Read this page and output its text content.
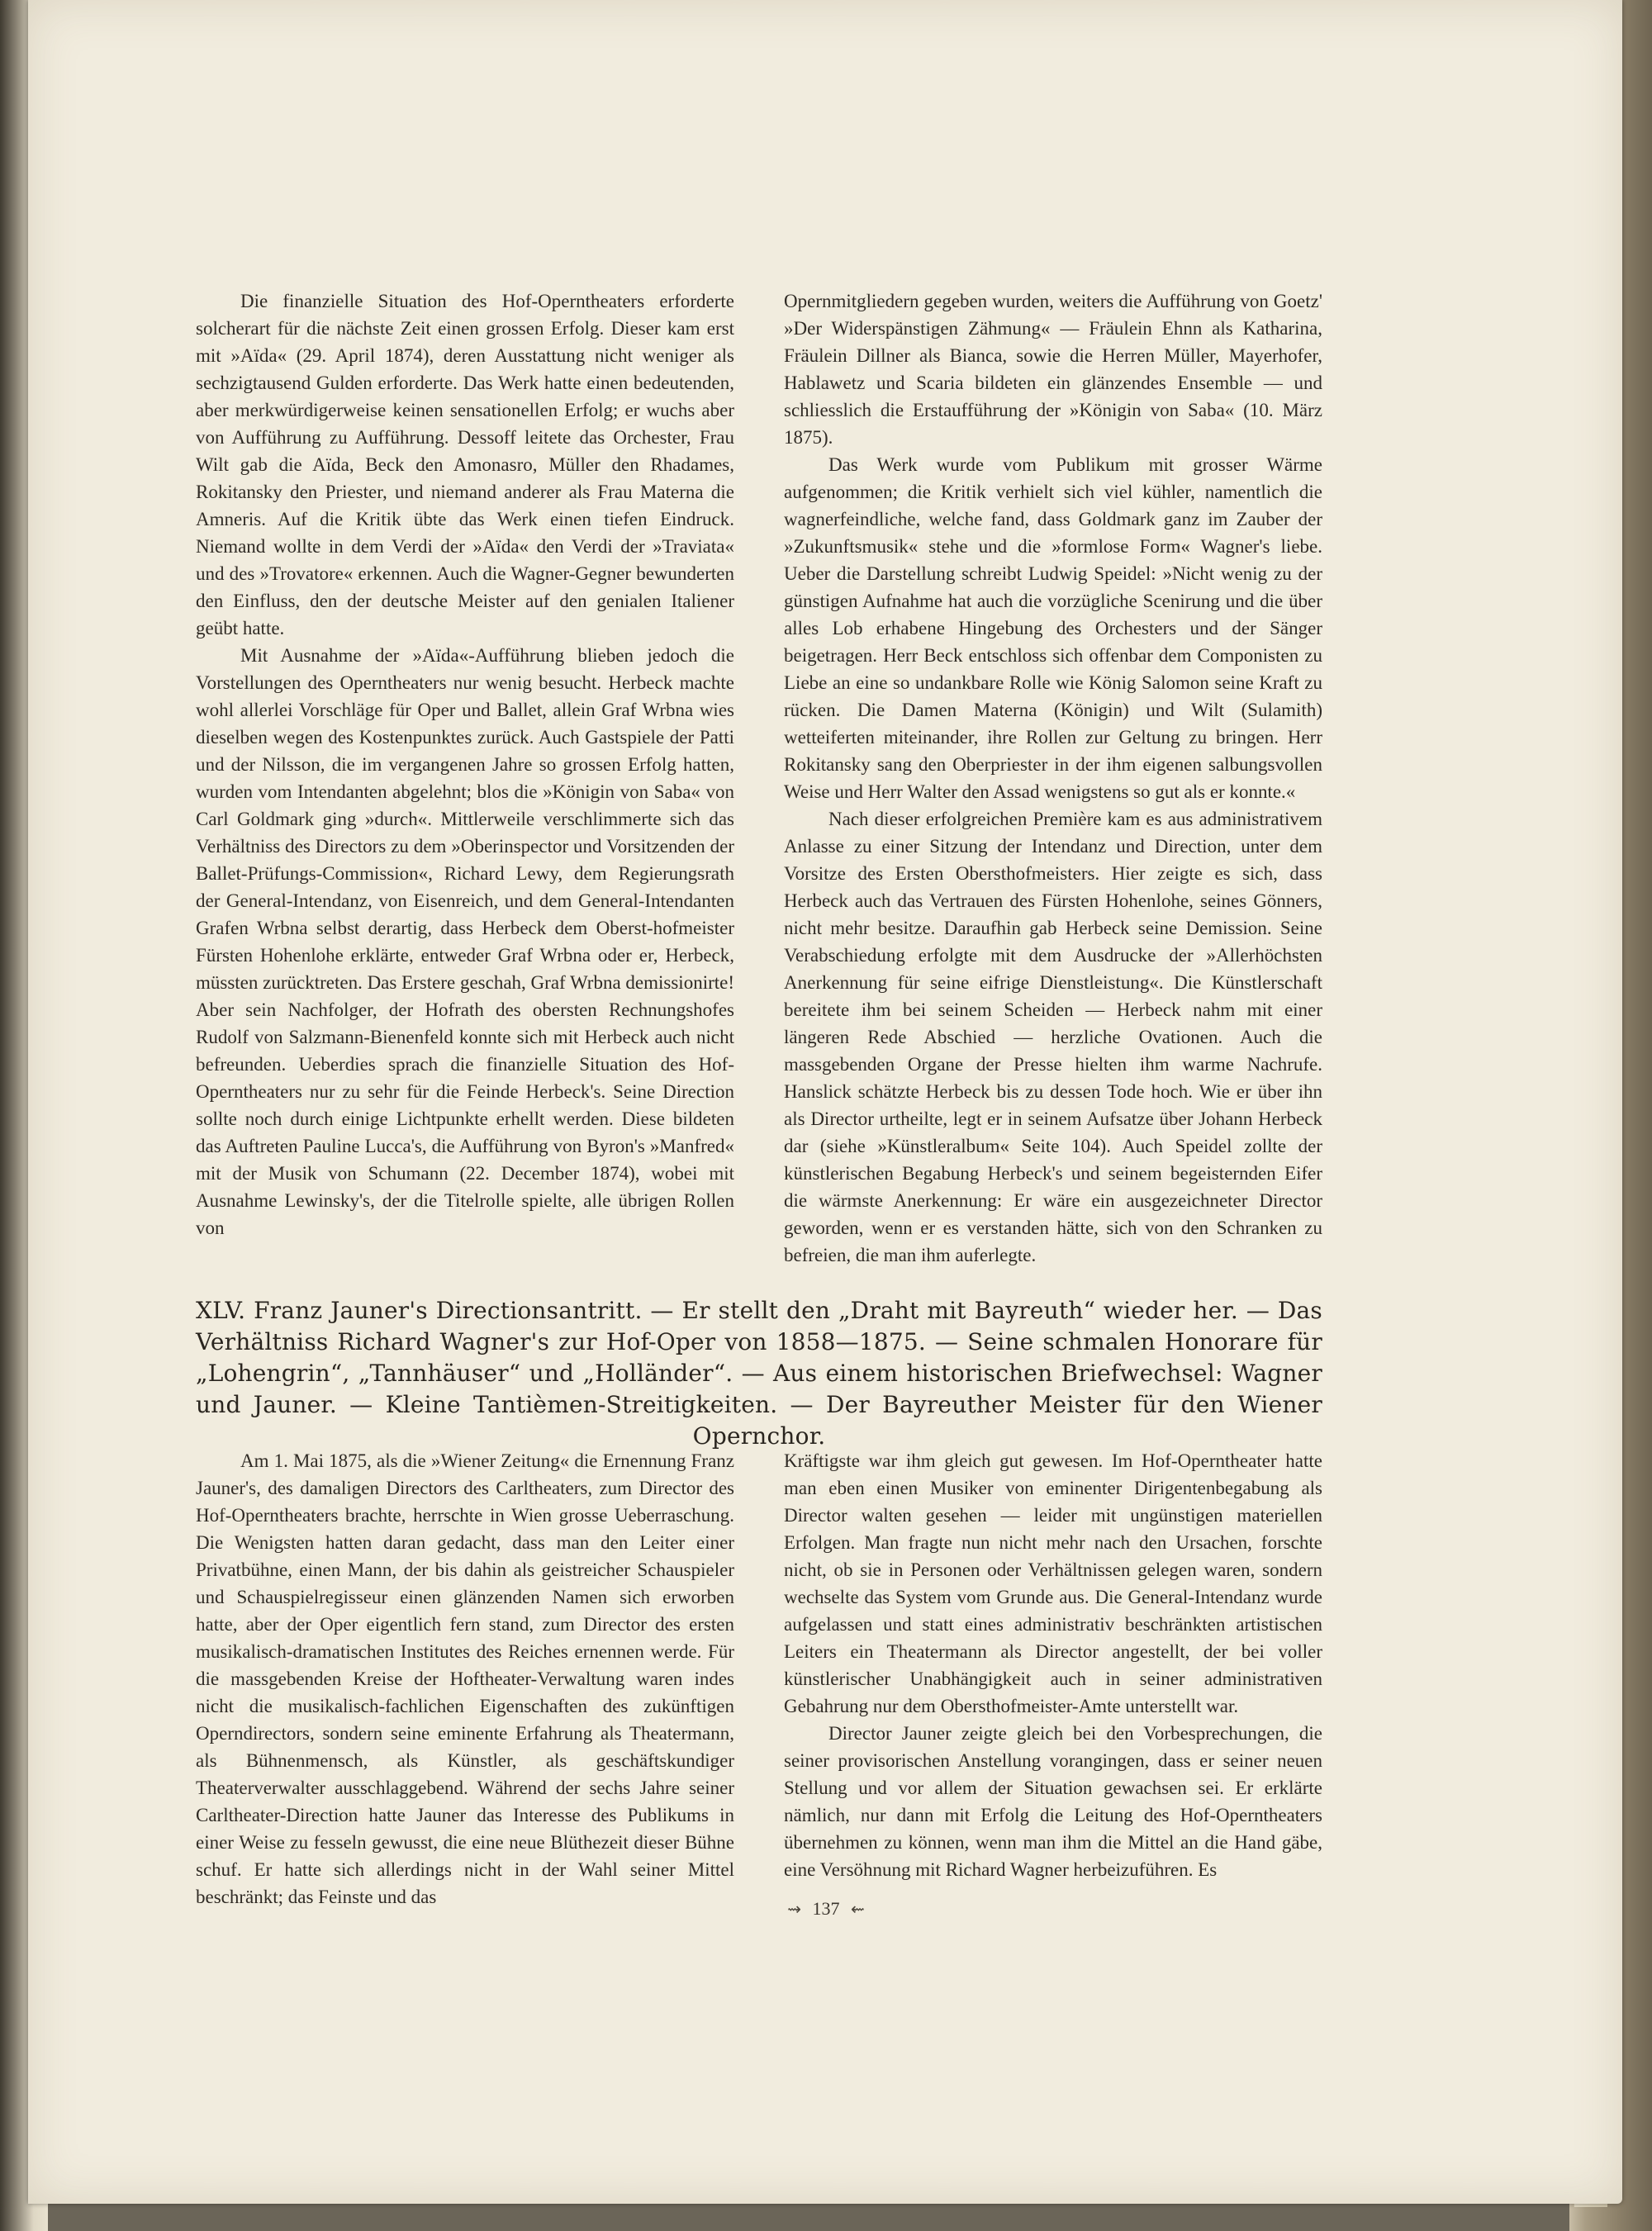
Die finanzielle Situation des Hof-Operntheaters erforderte solcherart für die nächste Zeit einen grossen Erfolg. Dieser kam erst mit »Aïda« (29. April 1874), deren Ausstattung nicht weniger als sechzigtausend Gulden erforderte. Das Werk hatte einen bedeutenden, aber merkwürdigerweise keinen sensationellen Erfolg; er wuchs aber von Aufführung zu Aufführung. Dessoff leitete das Orchester, Frau Wilt gab die Aïda, Beck den Amonasro, Müller den Rhadames, Rokitansky den Priester, und niemand anderer als Frau Materna die Amneris. Auf die Kritik übte das Werk einen tiefen Eindruck. Niemand wollte in dem Verdi der »Aïda« den Verdi der »Traviata« und des »Trovatore« erkennen. Auch die Wagner-Gegner bewunderten den Einfluss, den der deutsche Meister auf den genialen Italiener geübt hatte.

Mit Ausnahme der »Aïda«-Aufführung blieben jedoch die Vorstellungen des Operntheaters nur wenig besucht. Herbeck machte wohl allerlei Vorschläge für Oper und Ballet, allein Graf Wrbna wies dieselben wegen des Kostenpunktes zurück. Auch Gastspiele der Patti und der Nilsson, die im vergangenen Jahre so grossen Erfolg hatten, wurden vom Intendanten abgelehnt; blos die »Königin von Saba« von Carl Goldmark ging »durch«. Mittlerweile verschlimmerte sich das Verhältniss des Directors zu dem »Oberinspector und Vorsitzenden der Ballet-Prüfungs-Commission«, Richard Lewy, dem Regierungsrath der General-Intendanz, von Eisenreich, und dem General-Intendanten Grafen Wrbna selbst derartig, dass Herbeck dem Oberst-hofmeister Fürsten Hohenlohe erklärte, entweder Graf Wrbna oder er, Herbeck, müssten zurücktreten. Das Erstere geschah, Graf Wrbna demissionirte! Aber sein Nachfolger, der Hofrath des obersten Rechnungshofes Rudolf von Salzmann-Bienenfeld konnte sich mit Herbeck auch nicht befreunden. Ueberdies sprach die finanzielle Situation des Hof-Operntheaters nur zu sehr für die Feinde Herbeck's. Seine Direction sollte noch durch einige Lichtpunkte erhellt werden. Diese bildeten das Auftreten Pauline Lucca's, die Aufführung von Byron's »Manfred« mit der Musik von Schumann (22. December 1874), wobei mit Ausnahme Lewinsky's, der die Titelrolle spielte, alle übrigen Rollen von

Opernmitgliedern gegeben wurden, weiters die Aufführung von Goetz' »Der Widerspänstigen Zähmung« — Fräulein Ehnn als Katharina, Fräulein Dillner als Bianca, sowie die Herren Müller, Mayerhofer, Hablawetz und Scaria bildeten ein glänzendes Ensemble — und schliesslich die Erstaufführung der »Königin von Saba« (10. März 1875).

Das Werk wurde vom Publikum mit grosser Wärme aufgenommen; die Kritik verhielt sich viel kühler, namentlich die wagnerfeindliche, welche fand, dass Goldmark ganz im Zauber der »Zukunftsmusik« stehe und die »formlose Form« Wagner's liebe. Ueber die Darstellung schreibt Ludwig Speidel: »Nicht wenig zu der günstigen Aufnahme hat auch die vorzügliche Scenirung und die über alles Lob erhabene Hingebung des Orchesters und der Sänger beigetragen. Herr Beck entschloss sich offenbar dem Componisten zu Liebe an eine so undankbare Rolle wie König Salomon seine Kraft zu rücken. Die Damen Materna (Königin) und Wilt (Sulamith) wetteiferten miteinander, ihre Rollen zur Geltung zu bringen. Herr Rokitansky sang den Oberpriester in der ihm eigenen salbungsvollen Weise und Herr Walter den Assad wenigstens so gut als er konnte.«

Nach dieser erfolgreichen Première kam es aus administrativem Anlasse zu einer Sitzung der Intendanz und Direction, unter dem Vorsitze des Ersten Obersthofmeisters. Hier zeigte es sich, dass Herbeck auch das Vertrauen des Fürsten Hohenlohe, seines Gönners, nicht mehr besitze. Daraufhin gab Herbeck seine Demission. Seine Verabschiedung erfolgte mit dem Ausdrucke der »Allerhöchsten Anerkennung für seine eifrige Dienstleistung«. Die Künstlerschaft bereitete ihm bei seinem Scheiden — Herbeck nahm mit einer längeren Rede Abschied — herzliche Ovationen. Auch die massgebenden Organe der Presse hielten ihm warme Nachrufe. Hanslick schätzte Herbeck bis zu dessen Tode hoch. Wie er über ihn als Director urtheilte, legt er in seinem Aufsatze über Johann Herbeck dar (siehe »Künstleralbum« Seite 104). Auch Speidel zollte der künstlerischen Begabung Herbeck's und seinem begeisternden Eifer die wärmste Anerkennung: Er wäre ein ausgezeichneter Director geworden, wenn er es verstanden hätte, sich von den Schranken zu befreien, die man ihm auferlegte.

XLV. Franz Jauner's Directionsantritt. — Er stellt den „Draht mit Bayreuth“ wieder her. — Das Verhältniss Richard Wagner's zur Hof-Oper von 1858—1875. — Seine schmalen Honorare für „Lohengrin“, „Tannhäuser“ und „Holländer“. — Aus einem historischen Briefwechsel: Wagner und Jauner. — Kleine Tantièmen-Streitigkeiten. — Der Bayreuther Meister für den Wiener Opernchor.

Am 1. Mai 1875, als die »Wiener Zeitung« die Ernennung Franz Jauner's, des damaligen Directors des Carltheaters, zum Director des Hof-Operntheaters brachte, herrschte in Wien grosse Ueberraschung. Die Wenigsten hatten daran gedacht, dass man den Leiter einer Privatbühne, einen Mann, der bis dahin als geistreicher Schauspieler und Schauspielregisseur einen glänzenden Namen sich erworben hatte, aber der Oper eigentlich fern stand, zum Director des ersten musikalisch-dramatischen Institutes des Reiches ernennen werde. Für die massgebenden Kreise der Hoftheater-Verwaltung waren indes nicht die musikalisch-fachlichen Eigenschaften des zukünftigen Operndirectors, sondern seine eminente Erfahrung als Theatermann, als Bühnenmensch, als Künstler, als geschäftskundiger Theaterverwalter ausschlaggebend. Während der sechs Jahre seiner Carltheater-Direction hatte Jauner das Interesse des Publikums in einer Weise zu fesseln gewusst, die eine neue Blüthezeit dieser Bühne schuf. Er hatte sich allerdings nicht in der Wahl seiner Mittel beschränkt; das Feinste und das

Kräftigste war ihm gleich gut gewesen. Im Hof-Operntheater hatte man eben einen Musiker von eminenter Dirigentenbegabung als Director walten gesehen — leider mit ungünstigen materiellen Erfolgen. Man fragte nun nicht mehr nach den Ursachen, forschte nicht, ob sie in Personen oder Verhältnissen gelegen waren, sondern wechselte das System vom Grunde aus. Die General-Intendanz wurde aufgelassen und statt eines administrativ beschränkten artistischen Leiters ein Theatermann als Director angestellt, der bei voller künstlerischer Unabhängigkeit auch in seiner administrativen Gebahrung nur dem Obersthofmeister-Amte unterstellt war.

Director Jauner zeigte gleich bei den Vorbesprechungen, die seiner provisorischen Anstellung vorangingen, dass er seiner neuen Stellung und vor allem der Situation gewachsen sei. Er erklärte nämlich, nur dann mit Erfolg die Leitung des Hof-Operntheaters übernehmen zu können, wenn man ihm die Mittel an die Hand gäbe, eine Versöhnung mit Richard Wagner herbeizuführen. Es

⇝ 137 ⇜
